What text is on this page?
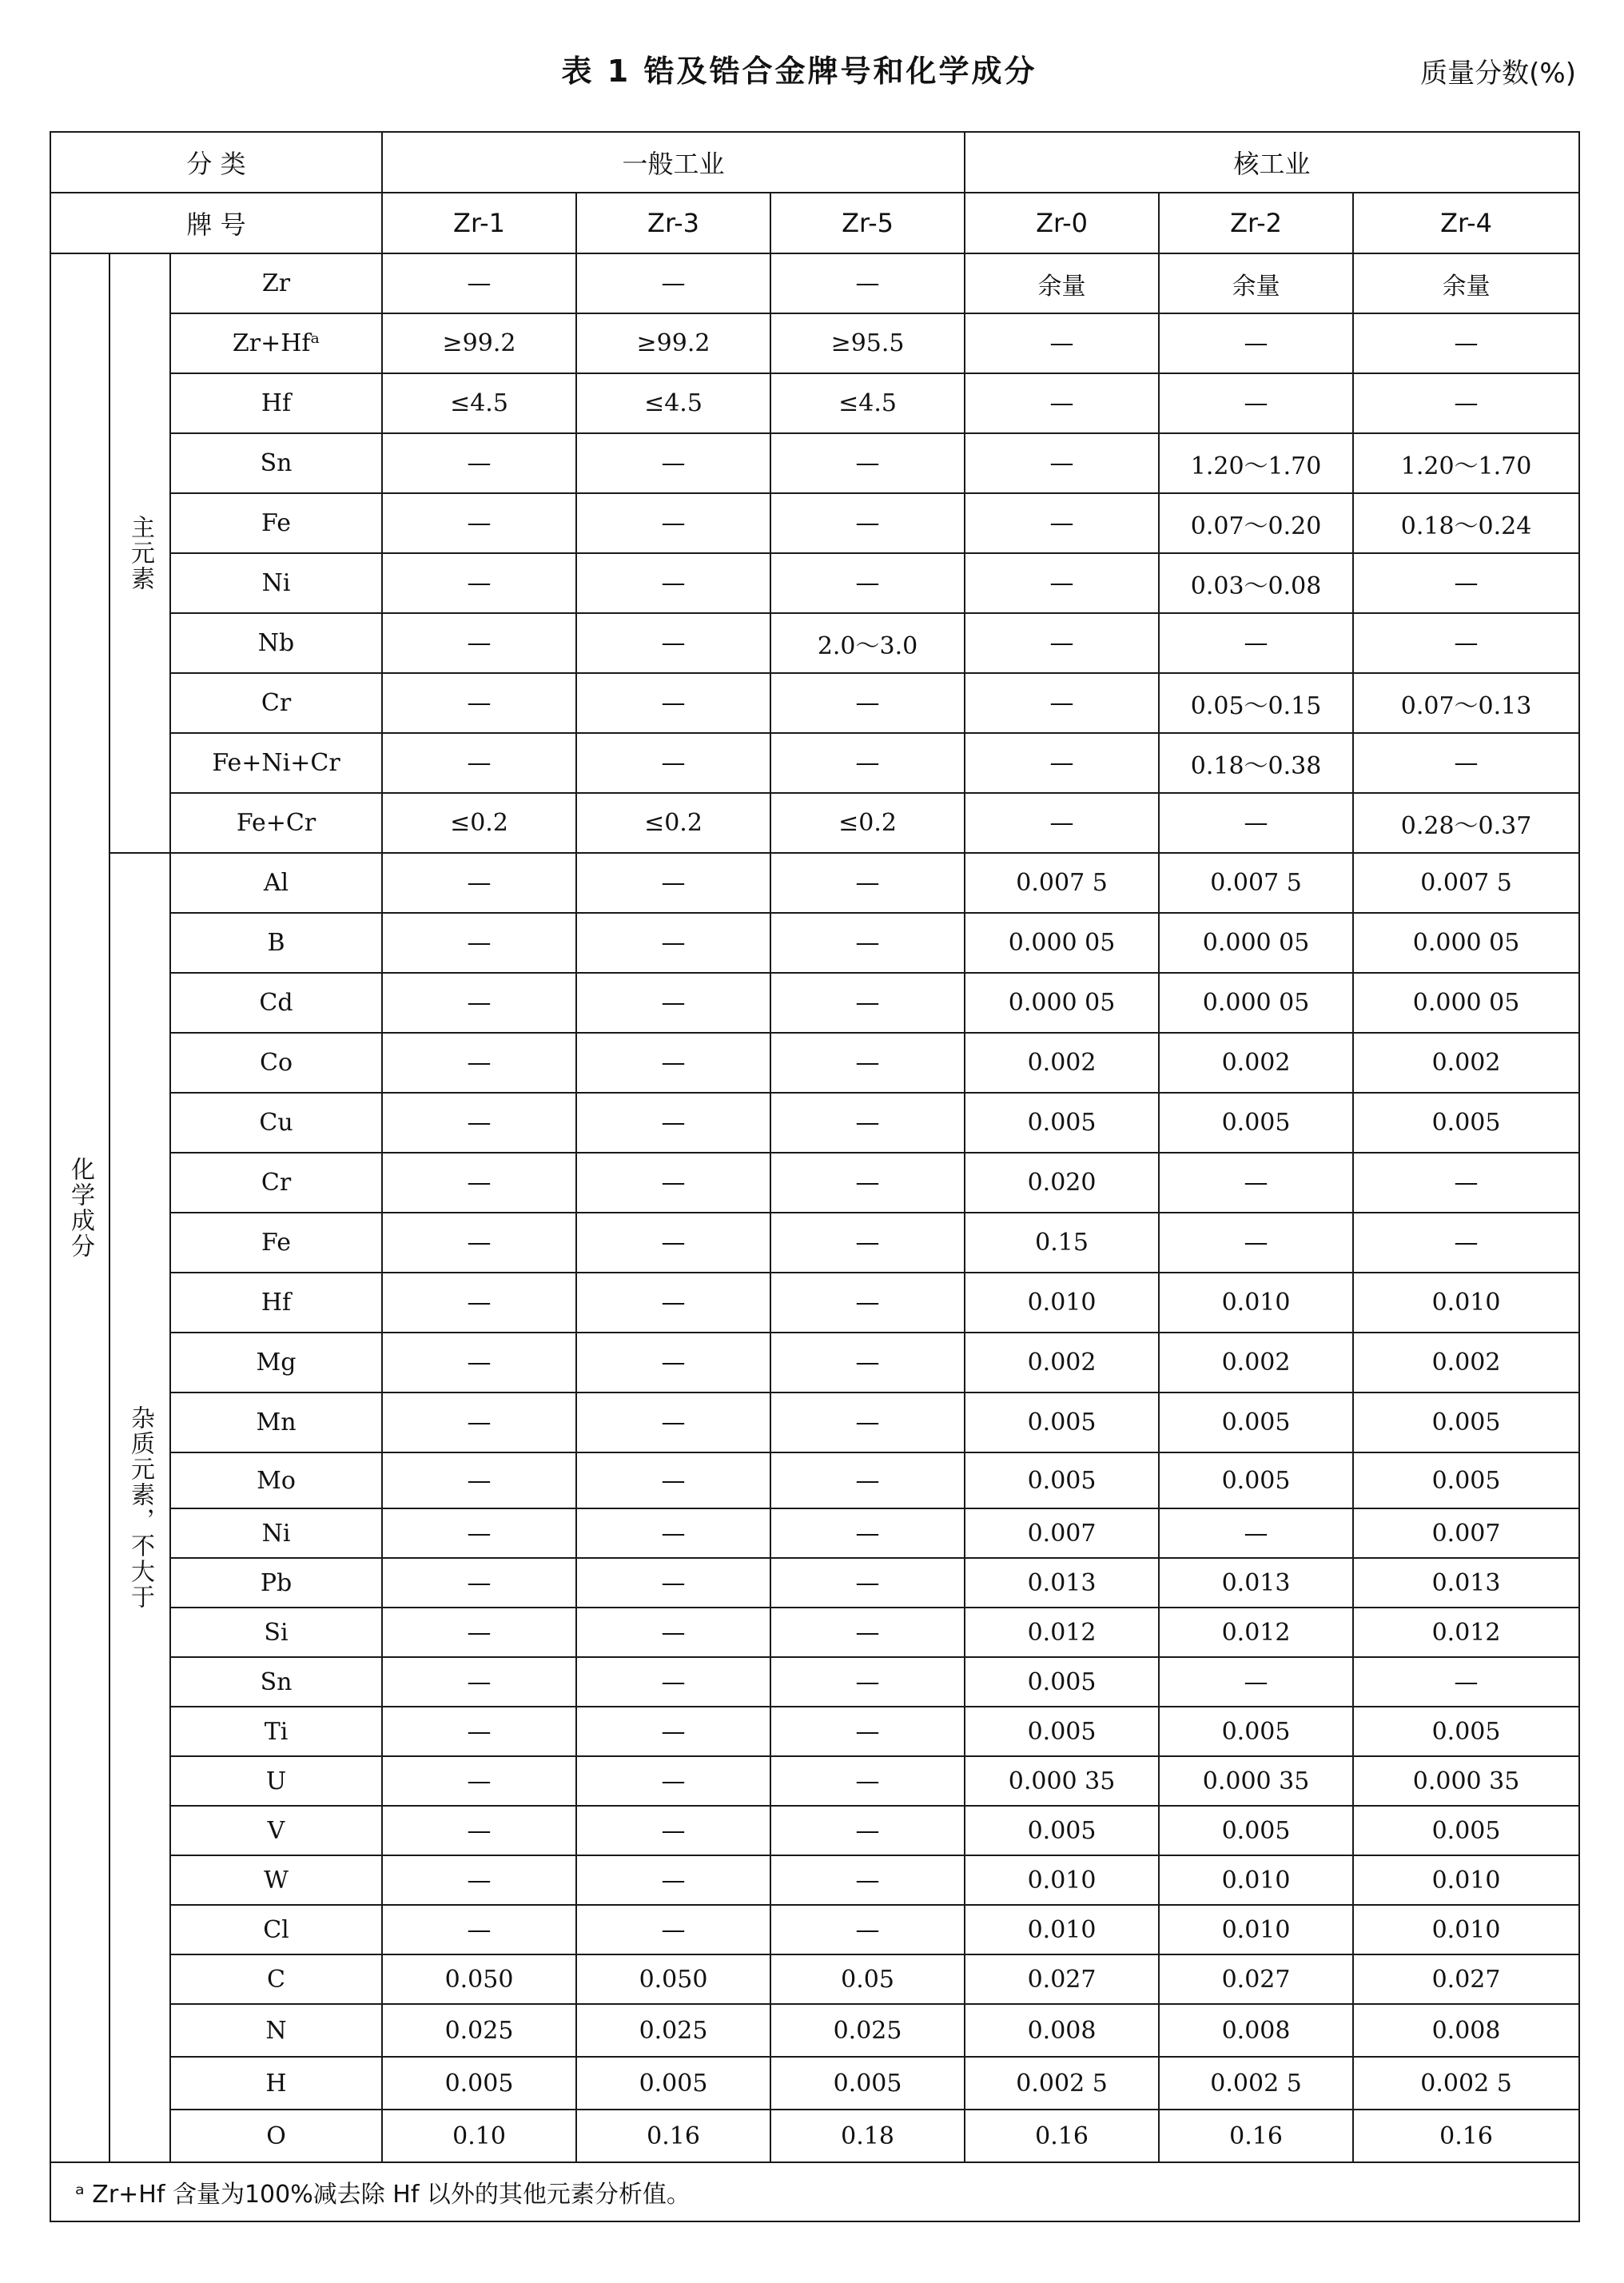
表 1 锆及锆合金牌号和化学成分	质量分数(%)
分 类			一般工业			核工业		
牌 号			Zr-1	Zr-3	Zr-5	Zr-0	Zr-2	Zr-4
化学成分	主元素	Zr	—	—	—	余量	余量	余量
		Zr+Hfᵃ	≥99.2	≥99.2	≥95.5	—	—	—
		Hf	≤4.5	≤4.5	≤4.5	—	—	—
		Sn	—	—	—	—	1.20～1.70	1.20～1.70
		Fe	—	—	—	—	0.07～0.20	0.18～0.24
		Ni	—	—	—	—	0.03～0.08	—
		Nb	—	—	2.0～3.0	—	—	—
		Cr	—	—	—	—	0.05～0.15	0.07～0.13
		Fe+Ni+Cr	—	—	—	—	0.18～0.38	—
		Fe+Cr	≤0.2	≤0.2	≤0.2	—	—	0.28～0.37
	杂质元素，不大于	Al	—	—	—	0.007 5	0.007 5	0.007 5
		B	—	—	—	0.000 05	0.000 05	0.000 05
		Cd	—	—	—	0.000 05	0.000 05	0.000 05
		Co	—	—	—	0.002	0.002	0.002
		Cu	—	—	—	0.005	0.005	0.005
		Cr	—	—	—	0.020	—	—
		Fe	—	—	—	0.15	—	—
		Hf	—	—	—	0.010	0.010	0.010
		Mg	—	—	—	0.002	0.002	0.002
		Mn	—	—	—	0.005	0.005	0.005
		Mo	—	—	—	0.005	0.005	0.005
		Ni	—	—	—	0.007	—	0.007
		Pb	—	—	—	0.013	0.013	0.013
		Si	—	—	—	0.012	0.012	0.012
		Sn	—	—	—	0.005	—	—
		Ti	—	—	—	0.005	0.005	0.005
		U	—	—	—	0.000 35	0.000 35	0.000 35
		V	—	—	—	0.005	0.005	0.005
		W	—	—	—	0.010	0.010	0.010
		Cl	—	—	—	0.010	0.010	0.010
		C	0.050	0.050	0.05	0.027	0.027	0.027
		N	0.025	0.025	0.025	0.008	0.008	0.008
		H	0.005	0.005	0.005	0.002 5	0.002 5	0.002 5
		O	0.10	0.16	0.18	0.16	0.16	0.16
ᵃ Zr+Hf 含量为100%减去除 Hf 以外的其他元素分析值。								
